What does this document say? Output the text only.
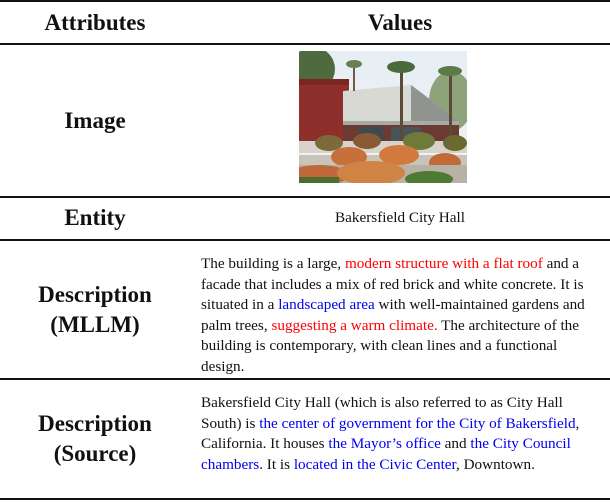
Attributes	Values
Image
Entity	Bakersfield City Hall
Description
(MLLM)
The building is a large, modern structure with a flat roof and a facade that includes a mix of red brick and white concrete. It is situated in a landscaped area with well-maintained gardens and palm trees, suggesting a warm climate. The architecture of the building is contemporary, with clean lines and a functional design.
Description
(Source)
Bakersfield City Hall (which is also referred to as City Hall South) is the center of government for the City of Bakersfield, California. It houses the Mayor’s office and the City Council chambers. It is located in the Civic Center, Downtown.
